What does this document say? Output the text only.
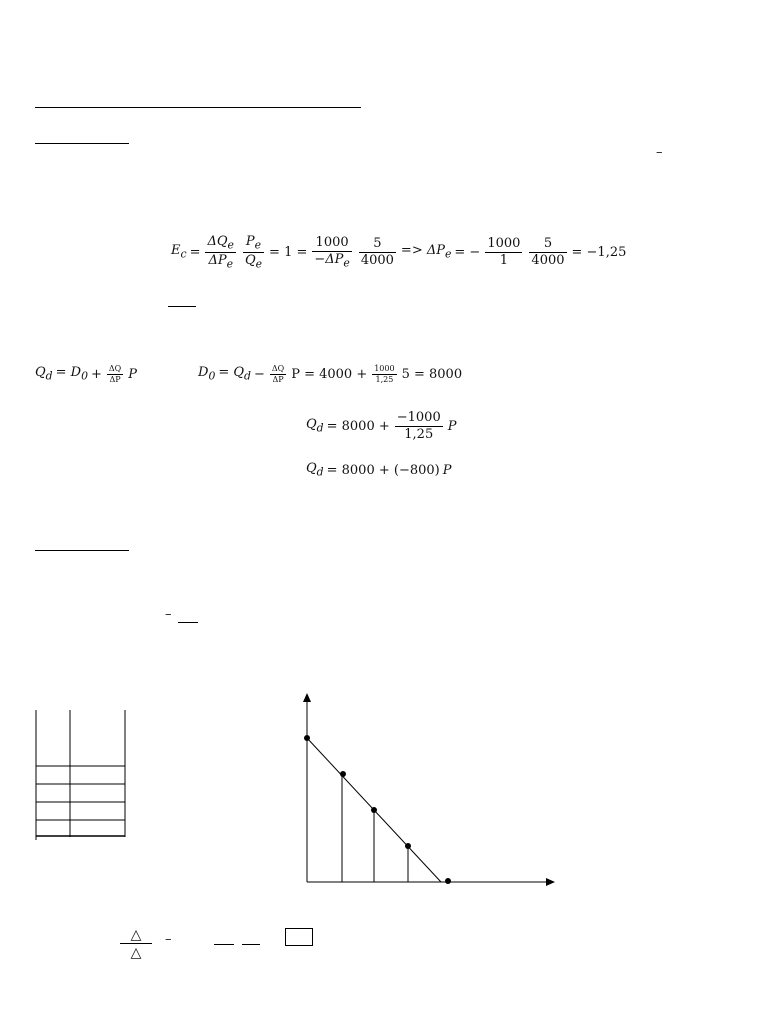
–
$E_c = \frac{\Delta Q_e}{\Delta P_e} \frac{P_e}{Q_e} = 1 = \frac{1000}{-\Delta P_e} \frac{5}{4000} => \Delta P_e$ = − $\frac{1000}{1} \frac{5}{4000} = -1,25$
$Q_d = D_0 + \frac{\Delta Q}{\Delta P}$ P	$D_0 = Q_d - \frac{\Delta Q}{\Delta P}$ $P = 4000 + \frac{1000}{1,25} 5 = 8000$
$Q_d = 8000 + \frac{-1000}{1,25}$ P
$Q_d = 8000 + (-800)$ P
–
△
△
–
